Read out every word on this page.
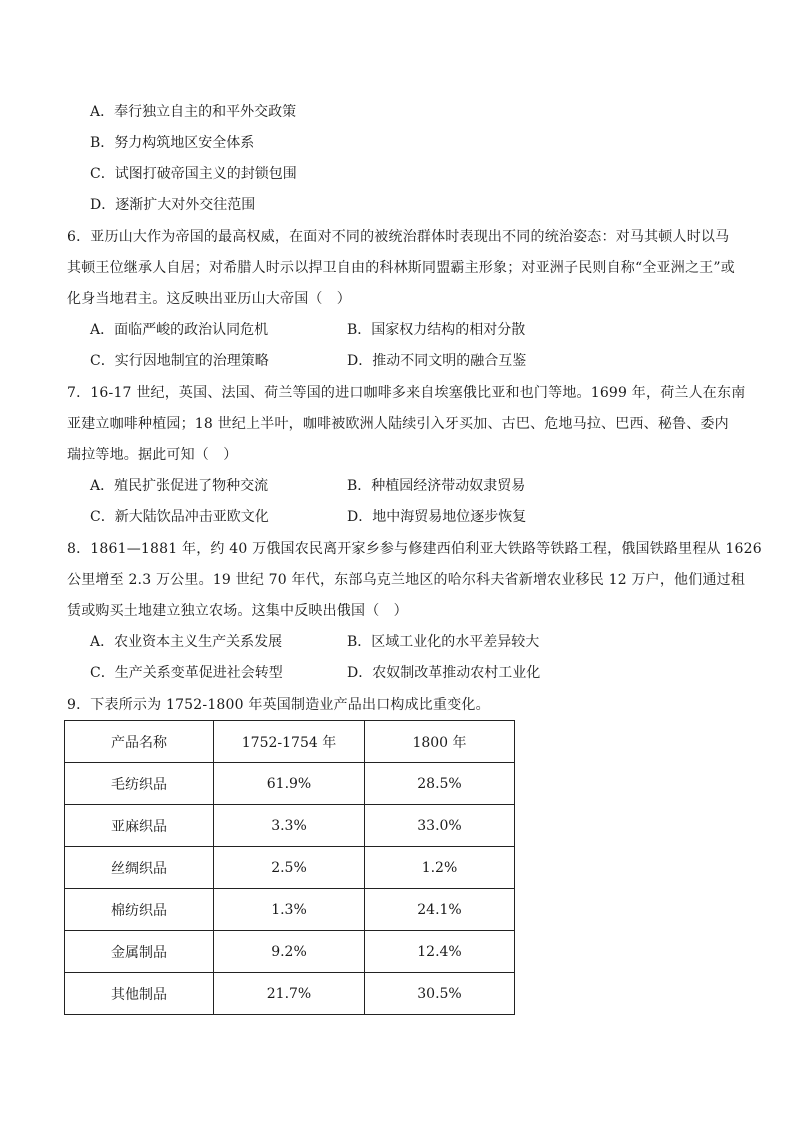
A．奉行独立自主的和平外交政策
B．努力构筑地区安全体系
C．试图打破帝国主义的封锁包围
D．逐渐扩大对外交往范围
6．亚历山大作为帝国的最高权威，在面对不同的被统治群体时表现出不同的统治姿态：对马其顿人时以马
其顿王位继承人自居；对希腊人时示以捍卫自由的科林斯同盟霸主形象；对亚洲子民则自称“全亚洲之王”或
化身当地君主。这反映出亚历山大帝国（　）
A．面临严峻的政治认同危机	B．国家权力结构的相对分散
C．实行因地制宜的治理策略	D．推动不同文明的融合互鉴
7．16-17 世纪，英国、法国、荷兰等国的进口咖啡多来自埃塞俄比亚和也门等地。1699 年，荷兰人在东南
亚建立咖啡种植园；18 世纪上半叶，咖啡被欧洲人陆续引入牙买加、古巴、危地马拉、巴西、秘鲁、委内
瑞拉等地。据此可知（　）
A．殖民扩张促进了物种交流	B．种植园经济带动奴隶贸易
C．新大陆饮品冲击亚欧文化	D．地中海贸易地位逐步恢复
8．1861—1881 年，约 40 万俄国农民离开家乡参与修建西伯利亚大铁路等铁路工程，俄国铁路里程从 1626
公里增至 2.3 万公里。19 世纪 70 年代，东部乌克兰地区的哈尔科夫省新增农业移民 12 万户，他们通过租
赁或购买土地建立独立农场。这集中反映出俄国（　）
A．农业资本主义生产关系发展	B．区域工业化的水平差异较大
C．生产关系变革促进社会转型	D．农奴制改革推动农村工业化
9．下表所示为 1752-1800 年英国制造业产品出口构成比重变化。
产品名称	1752-1754 年	1800 年
毛纺织品	61.9%	28.5%
亚麻织品	3.3%	33.0%
丝绸织品	2.5%	1.2%
棉纺织品	1.3%	24.1%
金属制品	9.2%	12.4%
其他制品	21.7%	30.5%
